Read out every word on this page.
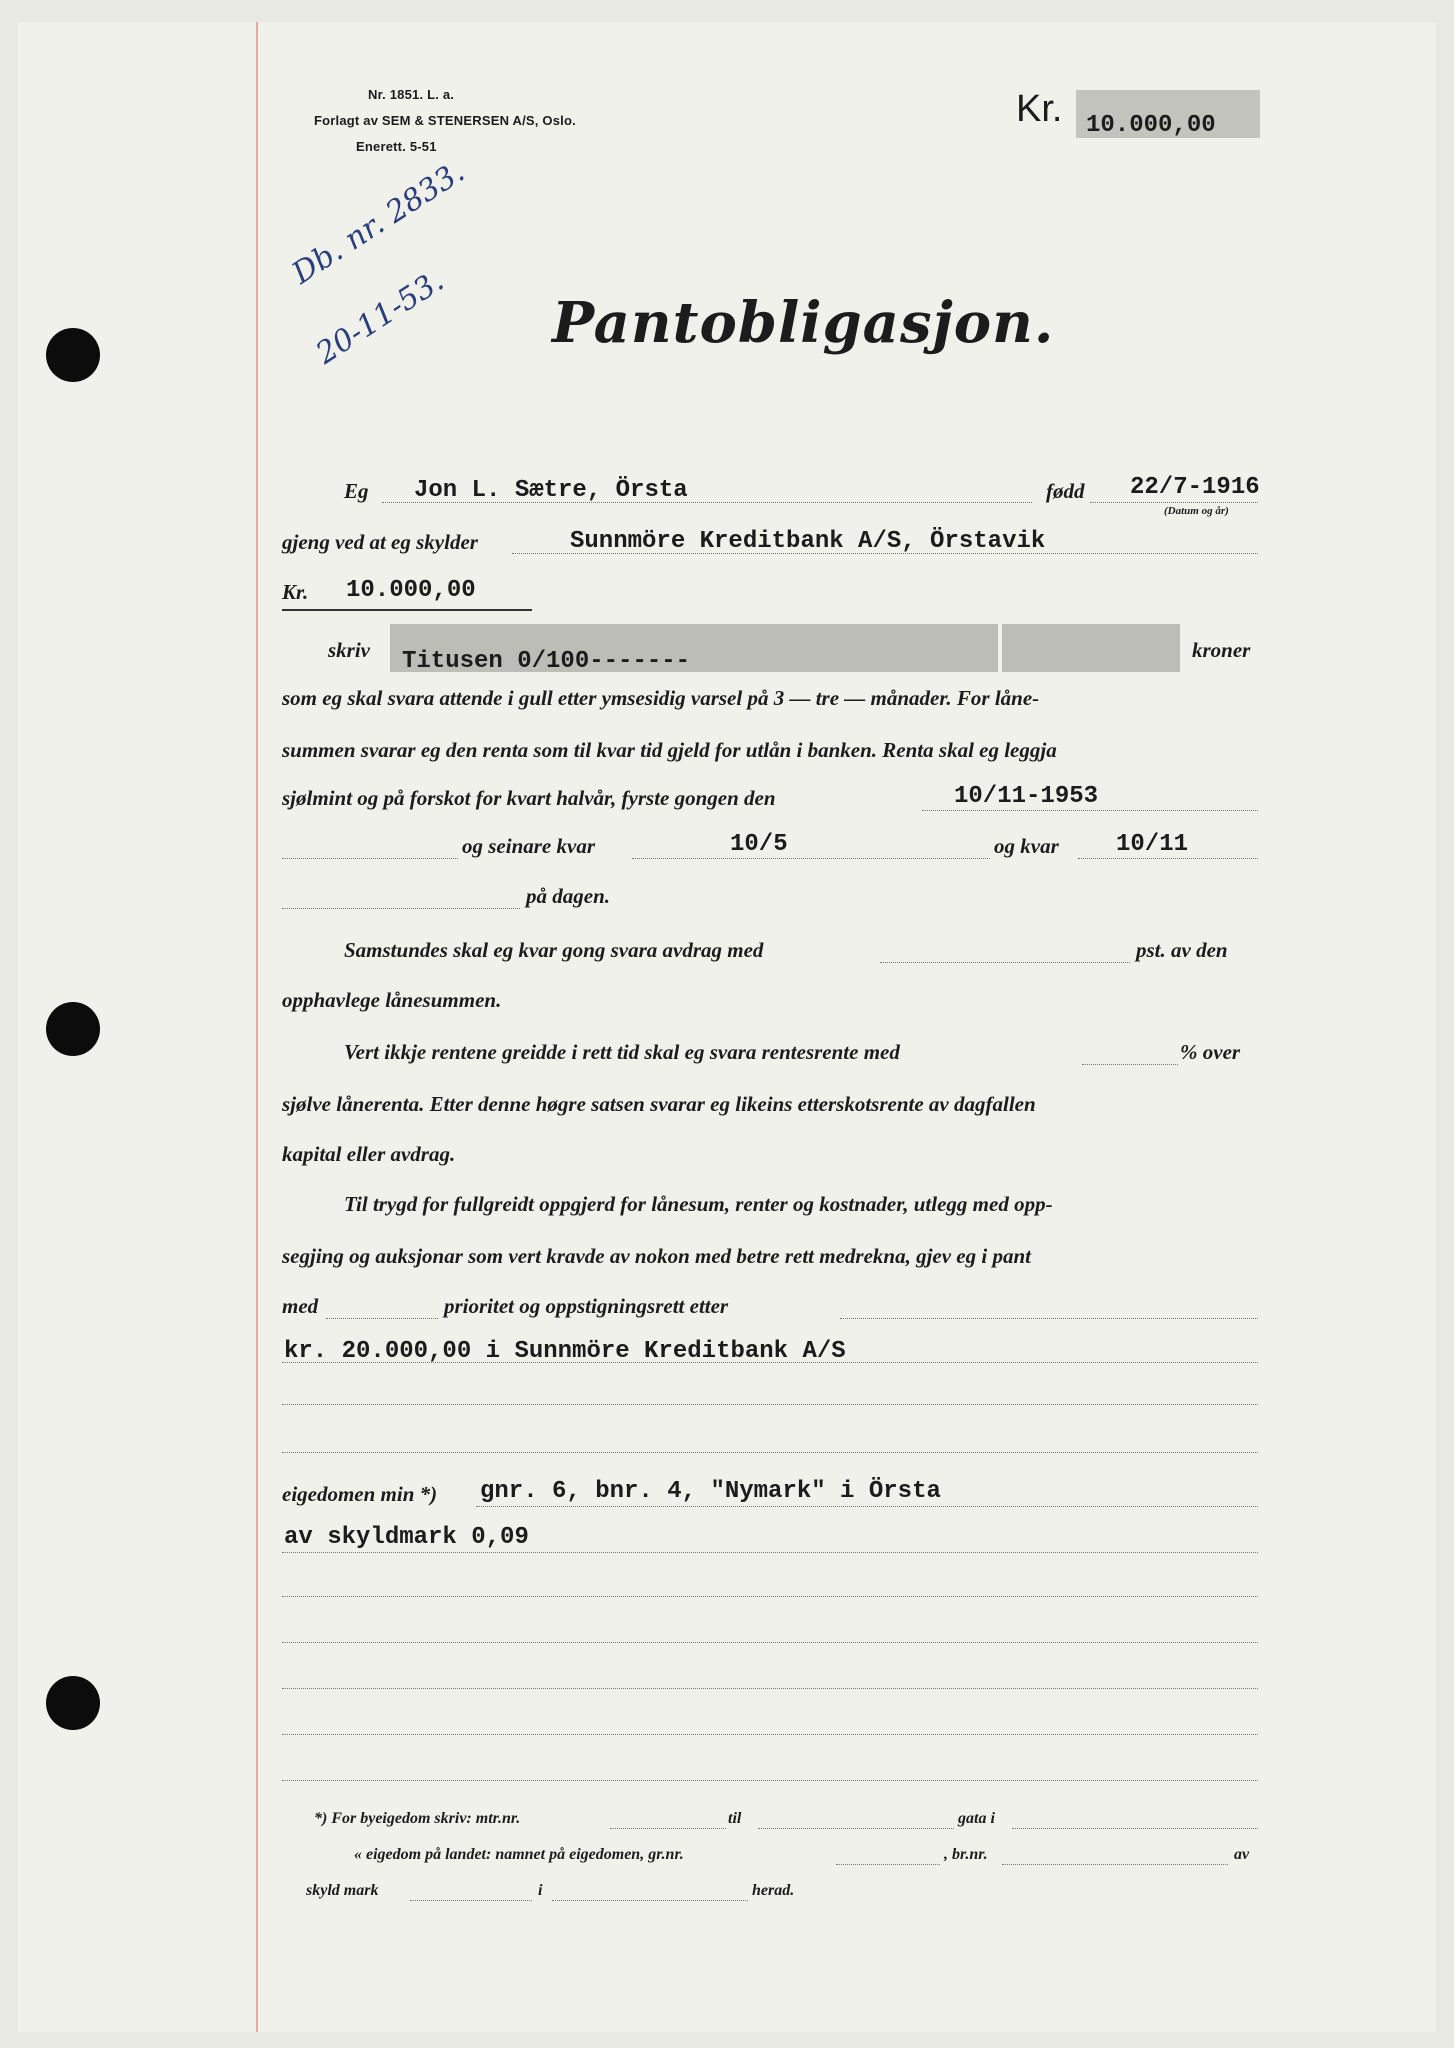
Nr. 1851. L. a.
Forlagt av SEM & STENERSEN A/S, Oslo.
Enerett. 5-51
Kr. 10.000,00
Db. nr. 2833.
20-11-53. Pantobligasjon.
Eg Jon L. Sætre, Örsta	fødd 22/7-1916
(Datum og år)
gjeng ved at eg skylder	Sunnmöre Kreditbank A/S, Örstavik
Kr. 10.000,00
skriv Titusen 0/100-------	kroner
som eg skal svara attende i gull etter ymsesidig varsel på 3 — tre — månader. For låne-
summen svarar eg den renta som til kvar tid gjeld for utlån i banken. Renta skal eg leggja
sjølmint og på forskot for kvart halvår, fyrste gongen den	10/11-1953
og seinare kvar	10/5	og kvar 10/11
på dagen.
Samstundes skal eg kvar gong svara avdrag med	pst. av den
opphavlege lånesummen.
Vert ikkje rentene greidde i rett tid skal eg svara rentesrente med	% over
sjølve lånerenta. Etter denne høgre satsen svarar eg likeins etterskotsrente av dagfallen
kapital eller avdrag.
Til trygd for fullgreidt oppgjerd for lånesum, renter og kostnader, utlegg med opp-
segjing og auksjonar som vert kravde av nokon med betre rett medrekna, gjev eg i pant
med	prioritet og oppstigningsrett etter
kr. 20.000,00 i Sunnmöre Kreditbank A/S
eigedomen min *) gnr. 6, bnr. 4, "Nymark" i Örsta
av skyldmark 0,09
*) For byeigedom skriv: mtr.nr.	til	gata i
« eigedom på landet: namnet på eigedomen, gr.nr.	, br.nr.	av
skyld mark	i	herad.
